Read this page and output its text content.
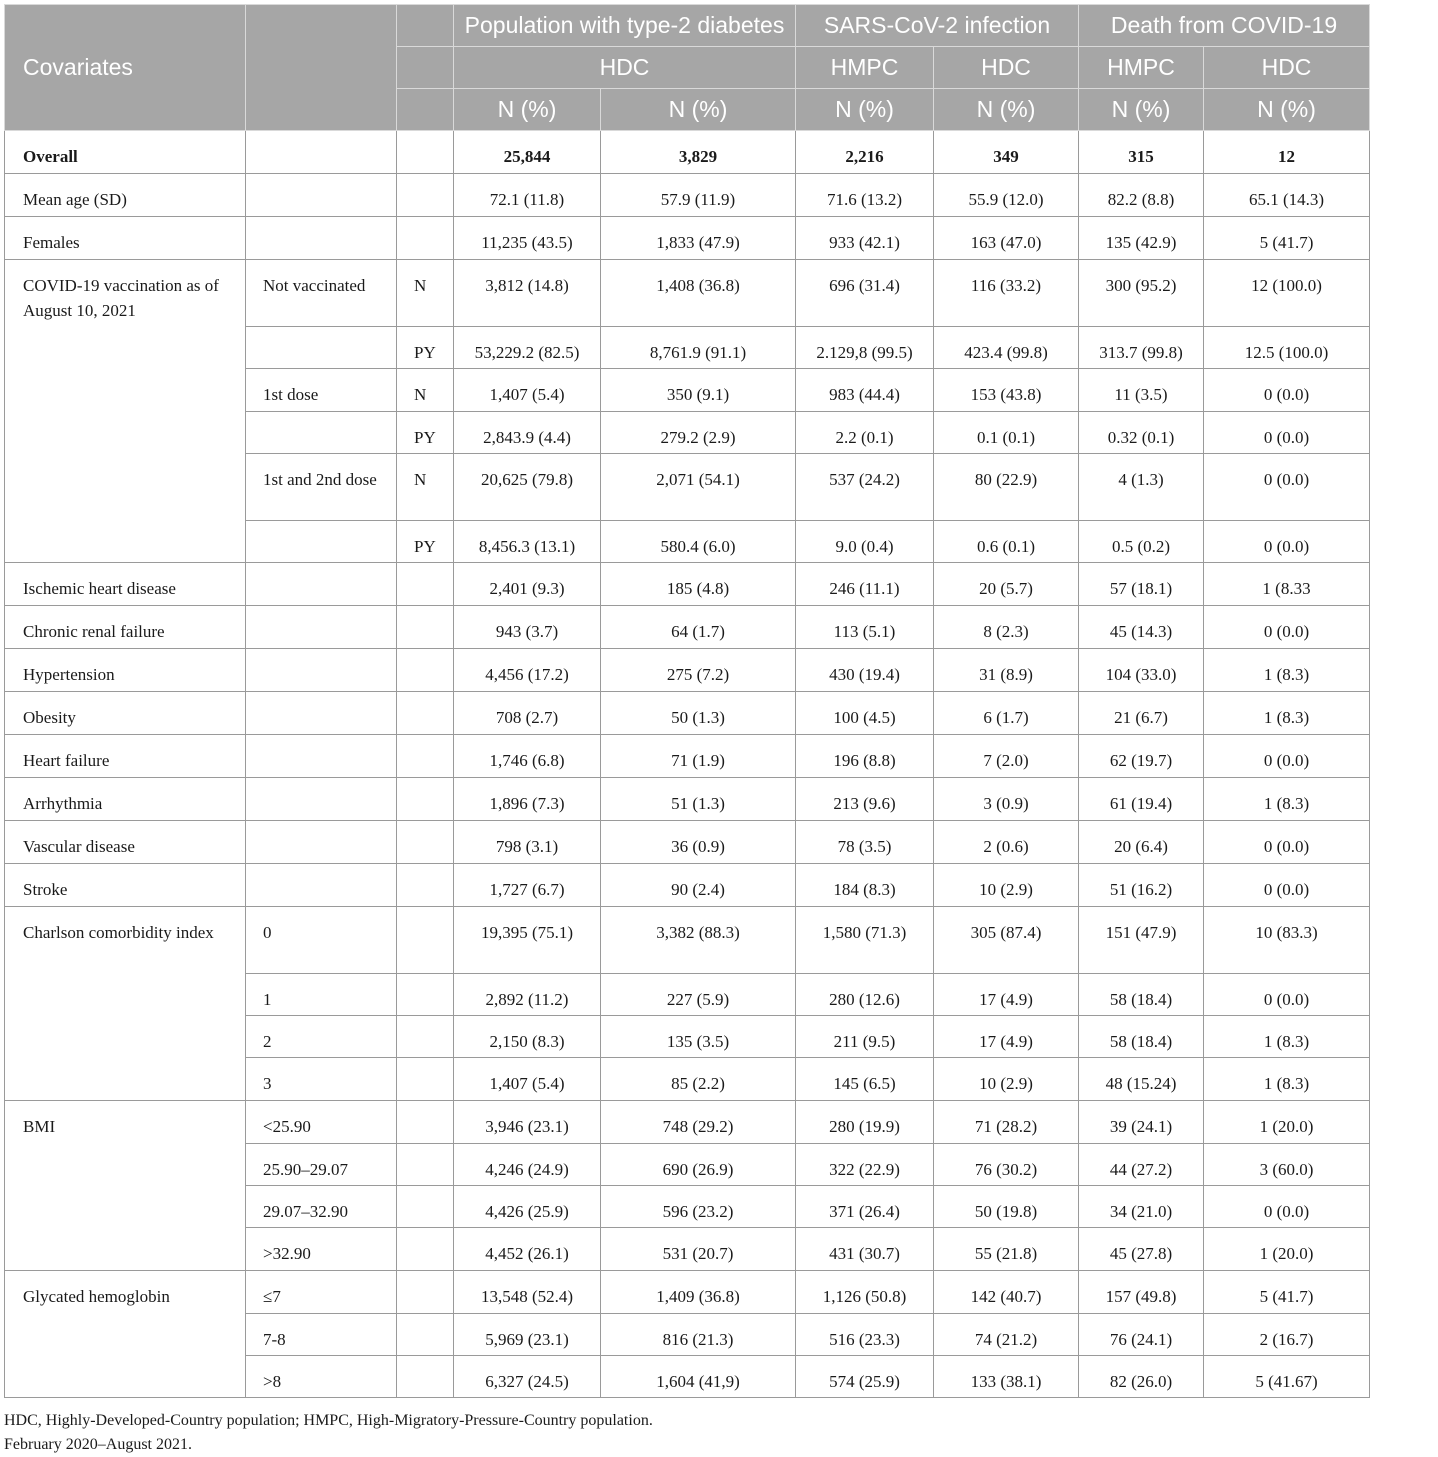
Covariates			Population with type-2 diabetes		SARS-CoV-2 infection		Death from COVID-19		
			HDC		HMPC	HDC	HMPC	HDC	HMPC
			N (%)	N (%)	N (%)	N (%)	N (%)	N (%)	
Overall			25,844	3,829	2,216	349	315	12	
Mean age (SD)			72.1 (11.8)	57.9 (11.9)	71.6 (13.2)	55.9 (12.0)	82.2 (8.8)	65.1 (14.3)	
Females			11,235 (43.5)	1,833 (47.9)	933 (42.1)	163 (47.0)	135 (42.9)	5 (41.7)	
COVID-19 vaccination as of August 10, 2021	Not vaccinated	N	3,812 (14.8)	1,408 (36.8)	696 (31.4)	116 (33.2)	300 (95.2)	12 (100.0)	
		PY	53,229.2 (82.5)	8,761.9 (91.1)	2.129,8 (99.5)	423.4 (99.8)	313.7 (99.8)	12.5 (100.0)	
	1st dose	N	1,407 (5.4)	350 (9.1)	983 (44.4)	153 (43.8)	11 (3.5)	0 (0.0)	
		PY	2,843.9 (4.4)	279.2 (2.9)	2.2 (0.1)	0.1 (0.1)	0.32 (0.1)	0 (0.0)	
	1st and 2nd dose	N	20,625 (79.8)	2,071 (54.1)	537 (24.2)	80 (22.9)	4 (1.3)	0 (0.0)	
		PY	8,456.3 (13.1)	580.4 (6.0)	9.0 (0.4)	0.6 (0.1)	0.5 (0.2)	0 (0.0)	
Ischemic heart disease			2,401 (9.3)	185 (4.8)	246 (11.1)	20 (5.7)	57 (18.1)	1 (8.33	
Chronic renal failure			943 (3.7)	64 (1.7)	113 (5.1)	8 (2.3)	45 (14.3)	0 (0.0)	
Hypertension			4,456 (17.2)	275 (7.2)	430 (19.4)	31 (8.9)	104 (33.0)	1 (8.3)	
Obesity			708 (2.7)	50 (1.3)	100 (4.5)	6 (1.7)	21 (6.7)	1 (8.3)	
Heart failure			1,746 (6.8)	71 (1.9)	196 (8.8)	7 (2.0)	62 (19.7)	0 (0.0)	
Arrhythmia			1,896 (7.3)	51 (1.3)	213 (9.6)	3 (0.9)	61 (19.4)	1 (8.3)	
Vascular disease			798 (3.1)	36 (0.9)	78 (3.5)	2 (0.6)	20 (6.4)	0 (0.0)	
Stroke			1,727 (6.7)	90 (2.4)	184 (8.3)	10 (2.9)	51 (16.2)	0 (0.0)	
Charlson comorbidity index	0		19,395 (75.1)	3,382 (88.3)	1,580 (71.3)	305 (87.4)	151 (47.9)	10 (83.3)	
	1		2,892 (11.2)	227 (5.9)	280 (12.6)	17 (4.9)	58 (18.4)	0 (0.0)	
	2		2,150 (8.3)	135 (3.5)	211 (9.5)	17 (4.9)	58 (18.4)	1 (8.3)	
	3		1,407 (5.4)	85 (2.2)	145 (6.5)	10 (2.9)	48 (15.24)	1 (8.3)	
BMI	<25.90		3,946 (23.1)	748 (29.2)	280 (19.9)	71 (28.2)	39 (24.1)	1 (20.0)	
	25.90–29.07		4,246 (24.9)	690 (26.9)	322 (22.9)	76 (30.2)	44 (27.2)	3 (60.0)	
	29.07–32.90		4,426 (25.9)	596 (23.2)	371 (26.4)	50 (19.8)	34 (21.0)	0 (0.0)	
	>32.90		4,452 (26.1)	531 (20.7)	431 (30.7)	55 (21.8)	45 (27.8)	1 (20.0)	
Glycated hemoglobin	≤7		13,548 (52.4)	1,409 (36.8)	1,126 (50.8)	142 (40.7)	157 (49.8)	5 (41.7)	
	7-8		5,969 (23.1)	816 (21.3)	516 (23.3)	74 (21.2)	76 (24.1)	2 (16.7)	
	>8		6,327 (24.5)	1,604 (41,9)	574 (25.9)	133 (38.1)	82 (26.0)	5 (41.67)	
HDC, Highly-Developed-Country population; HMPC, High-Migratory-Pressure-Country population.
February 2020–August 2021.
